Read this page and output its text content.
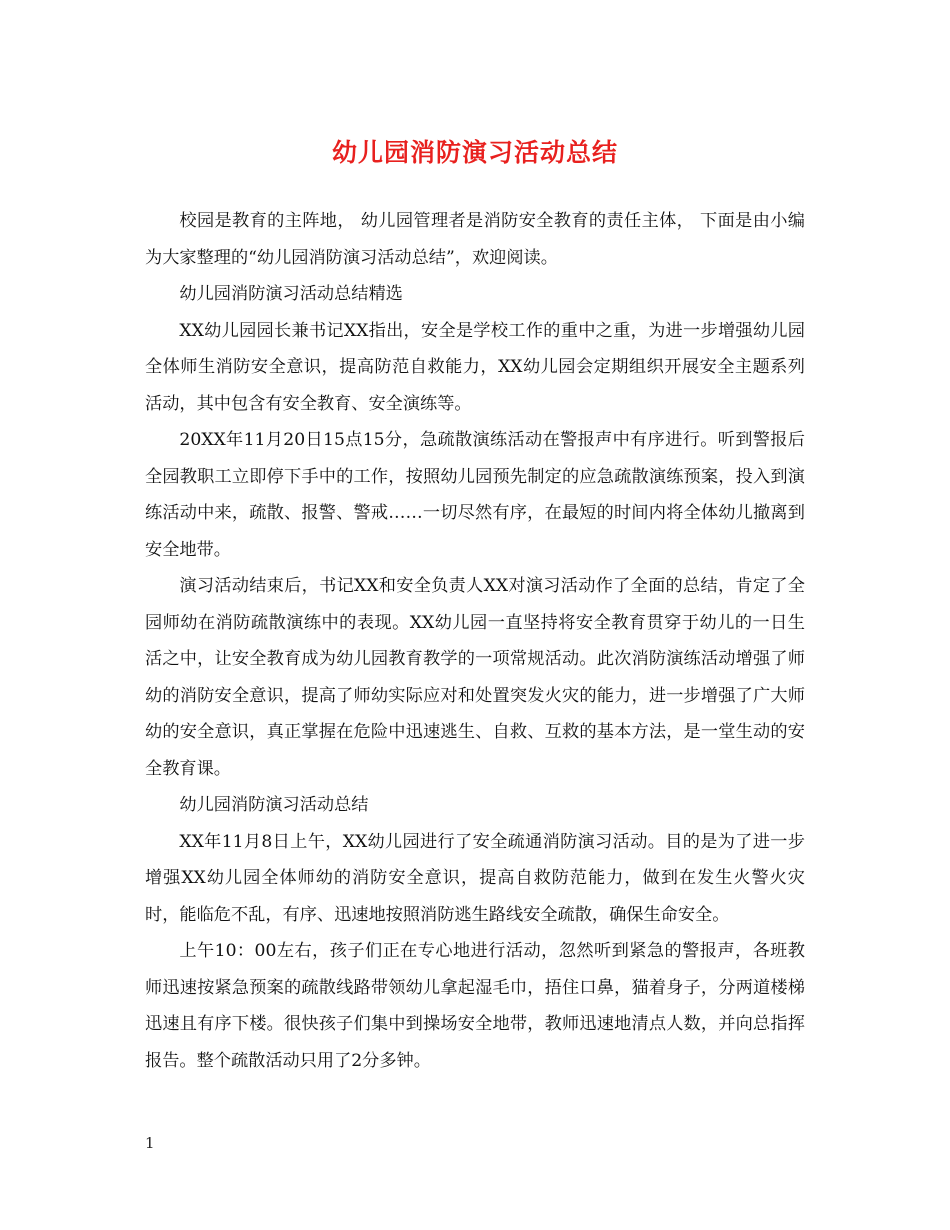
幼儿园消防演习活动总结

校园是教育的主阵地， 幼儿园管理者是消防安全教育的责任主体， 下面是由小编为大家整理的“幼儿园消防演习活动总结”，欢迎阅读。

幼儿园消防演习活动总结精选

XX幼儿园园长兼书记XX指出，安全是学校工作的重中之重，为进一步增强幼儿园全体师生消防安全意识，提高防范自救能力，XX幼儿园会定期组织开展安全主题系列活动，其中包含有安全教育、安全演练等。

20XX年11月20日15点15分，急疏散演练活动在警报声中有序进行。听到警报后全园教职工立即停下手中的工作，按照幼儿园预先制定的应急疏散演练预案，投入到演练活动中来，疏散、报警、警戒……一切尽然有序，在最短的时间内将全体幼儿撤离到安全地带。

演习活动结束后，书记XX和安全负责人XX对演习活动作了全面的总结，肯定了全园师幼在消防疏散演练中的表现。XX幼儿园一直坚持将安全教育贯穿于幼儿的一日生活之中，让安全教育成为幼儿园教育教学的一项常规活动。此次消防演练活动增强了师幼的消防安全意识，提高了师幼实际应对和处置突发火灾的能力，进一步增强了广大师幼的安全意识，真正掌握在危险中迅速逃生、自救、互救的基本方法，是一堂生动的安全教育课。

幼儿园消防演习活动总结

XX年11月8日上午，XX幼儿园进行了安全疏通消防演习活动。目的是为了进一步增强XX幼儿园全体师幼的消防安全意识，提高自救防范能力，做到在发生火警火灾时，能临危不乱，有序、迅速地按照消防逃生路线安全疏散，确保生命安全。

上午10：00左右，孩子们正在专心地进行活动，忽然听到紧急的警报声，各班教师迅速按紧急预案的疏散线路带领幼儿拿起湿毛巾，捂住口鼻，猫着身子，分两道楼梯迅速且有序下楼。很快孩子们集中到操场安全地带，教师迅速地清点人数，并向总指挥报告。整个疏散活动只用了2分多钟。

1
